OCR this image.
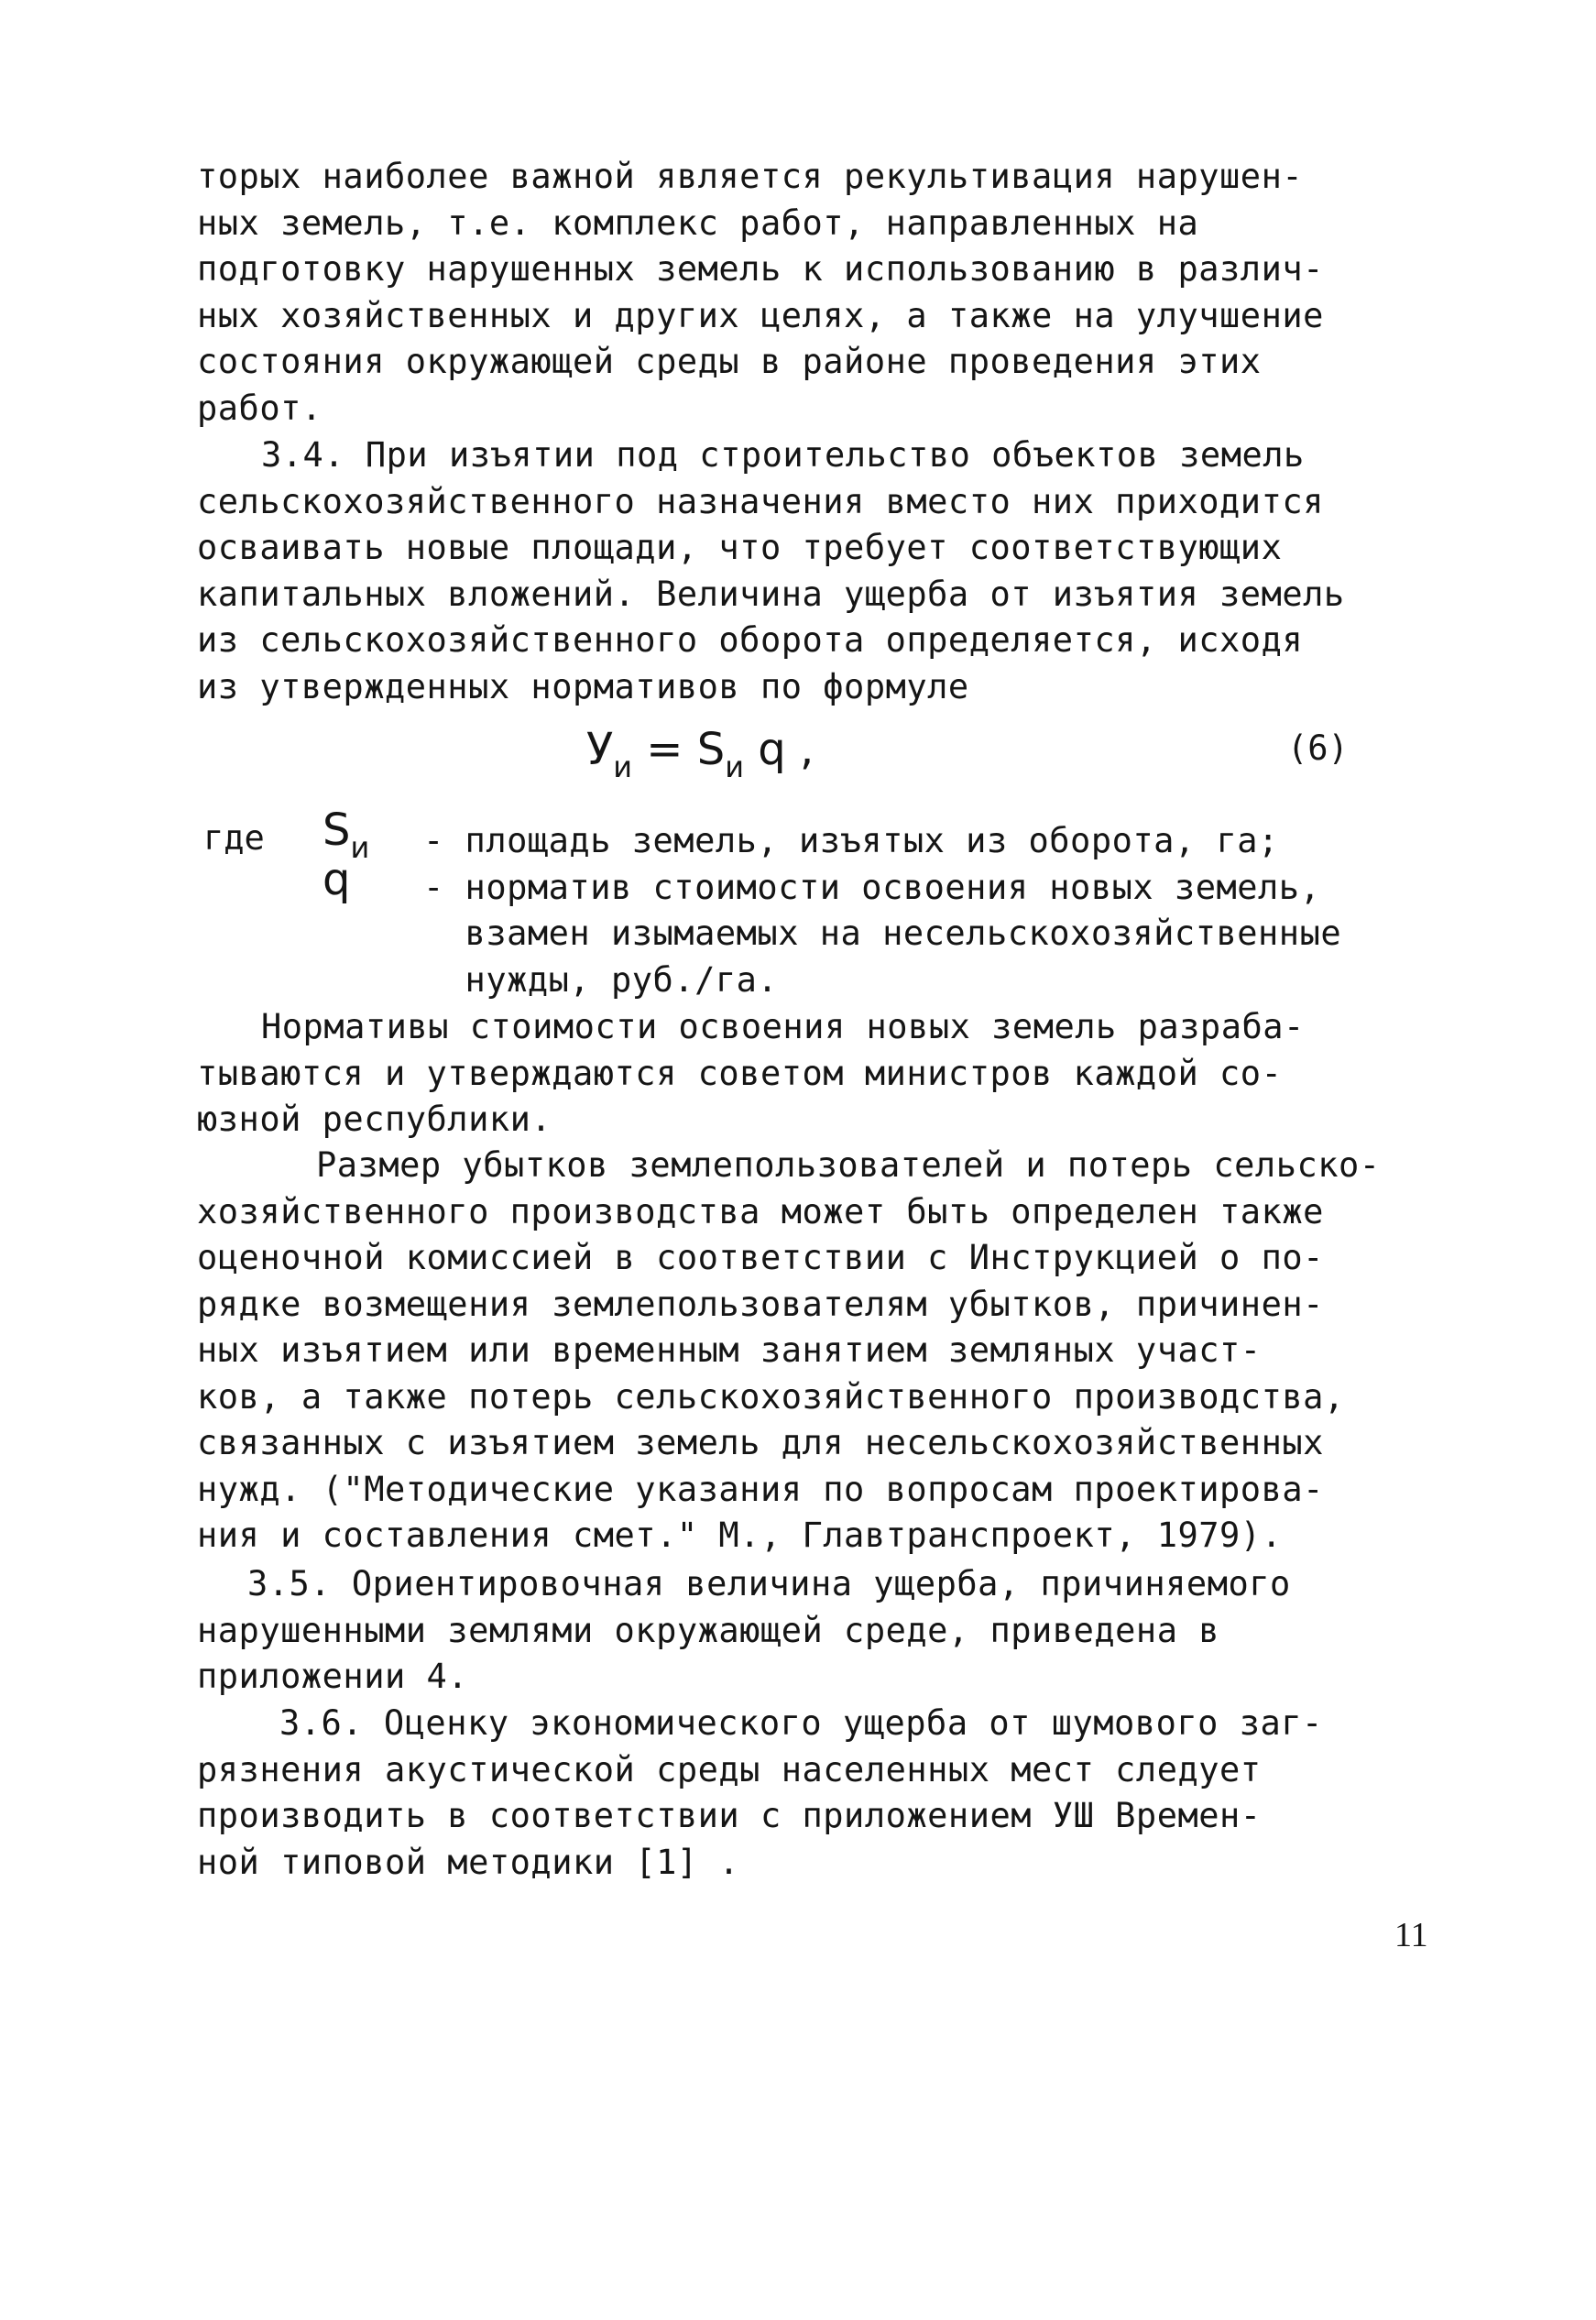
торых наиболее важной является рекультивация нарушен-
ных земель, т.е. комплекс работ, направленных на
подготовку нарушенных земель к использованию в различ-
ных хозяйственных и других целях, а также на улучшение
состояния окружающей среды в районе проведения этих
работ.
3.4. При изъятии под строительство объектов земель
сельскохозяйственного назначения вместо них приходится
осваивать новые площади, что требует соответствующих
капитальных вложений. Величина ущерба от изъятия земель
из сельскохозяйственного оборота определяется, исходя
из утвержденных нормативов по формуле
$У_и = S_и$ q ,	(6)
где $S_и$
q
- площадь земель, изъятых из оборота, га;
- норматив стоимости освоения новых земель,
взамен изымаемых на несельскохозяйственные
нужды, руб./га.
Нормативы стоимости освоения новых земель разраба-
тываются и утверждаются советом министров каждой со-
юзной республики.
Размер убытков землепользователей и потерь сельско-
хозяйственного производства может быть определен также
оценочной комиссией в соответствии с Инструкцией о по-
рядке возмещения землепользователям убытков, причинен-
ных изъятием или временным занятием земляных участ-
ков, а также потерь сельскохозяйственного производства,
связанных с изъятием земель для несельскохозяйственных
нужд. ("Методические указания по вопросам проектирова-
ния и составления смет." М., Главтранспроект, 1979).
3.5. Ориентировочная величина ущерба, причиняемого
нарушенными землями окружающей среде, приведена в
приложении 4.
3.6. Оценку экономического ущерба от шумового заг-
рязнения акустической среды населенных мест следует
производить в соответствии с приложением УШ Времен-
ной типовой методики [1] .
11
